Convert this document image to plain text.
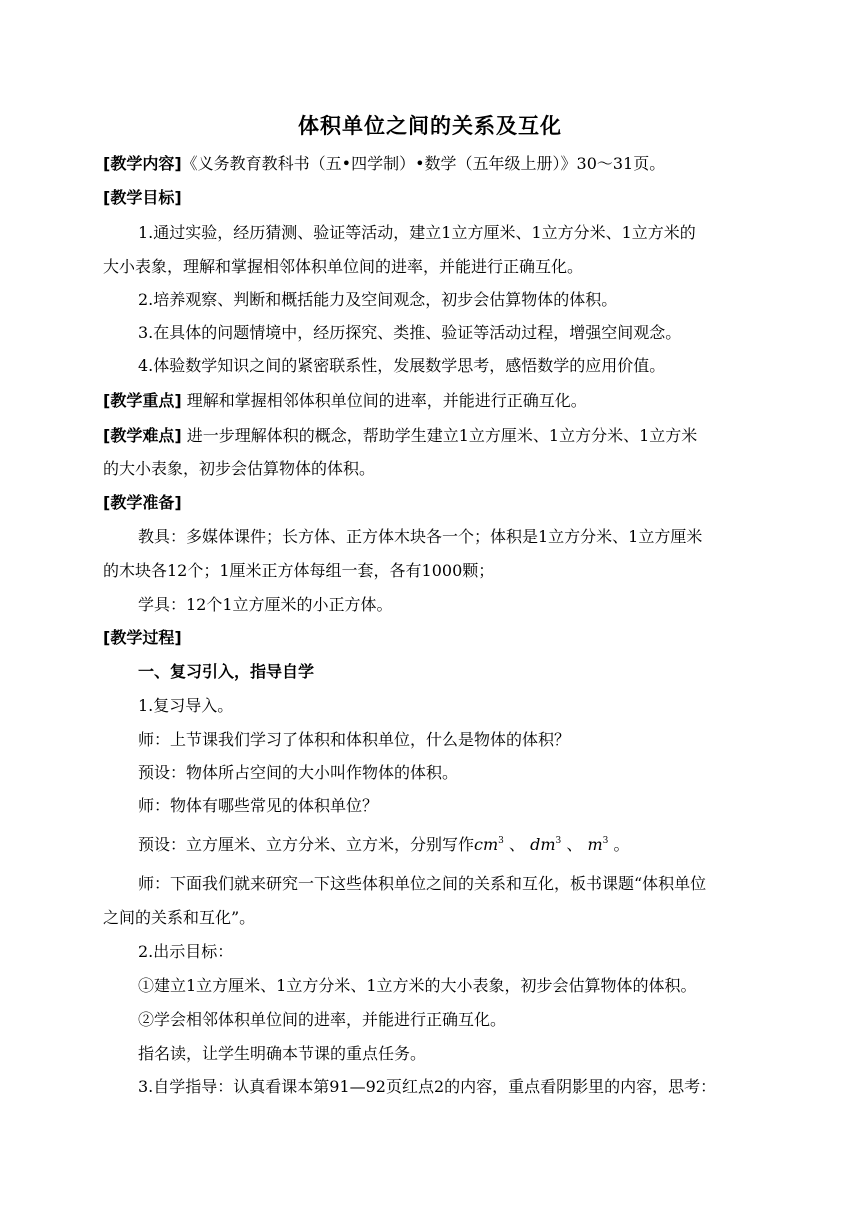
体积单位之间的关系及互化
[教学内容]《义务教育教科书（五•四学制）•数学（五年级上册）》30～31页。
[教学目标]
1.通过实验，经历猜测、验证等活动，建立1立方厘米、1立方分米、1立方米的
大小表象，理解和掌握相邻体积单位间的进率，并能进行正确互化。
2.培养观察、判断和概括能力及空间观念，初步会估算物体的体积。
3.在具体的问题情境中，经历探究、类推、验证等活动过程，增强空间观念。
4.体验数学知识之间的紧密联系性，发展数学思考，感悟数学的应用价值。
[教学重点] 理解和掌握相邻体积单位间的进率，并能进行正确互化。
[教学难点] 进一步理解体积的概念，帮助学生建立1立方厘米、1立方分米、1立方米
的大小表象，初步会估算物体的体积。
[教学准备]
教具：多媒体课件；长方体、正方体木块各一个；体积是1立方分米、1立方厘米
的木块各12个；1厘米正方体每组一套，各有1000颗；
学具：12个1立方厘米的小正方体。
[教学过程]
一、复习引入，指导自学
1.复习导入。
师：上节课我们学习了体积和体积单位，什么是物体的体积？
预设：物体所占空间的大小叫作物体的体积。
师：物体有哪些常见的体积单位？
预设：立方厘米、立方分米、立方米，分别写作$cm^3$ 、 $dm^3$ 、 $m^3$ 。
师：下面我们就来研究一下这些体积单位之间的关系和互化，板书课题“体积单位
之间的关系和互化”。
2.出示目标：
①建立1立方厘米、1立方分米、1立方米的大小表象，初步会估算物体的体积。
②学会相邻体积单位间的进率，并能进行正确互化。
指名读，让学生明确本节课的重点任务。
3.自学指导：认真看课本第91—92页红点2的内容，重点看阴影里的内容，思考：
